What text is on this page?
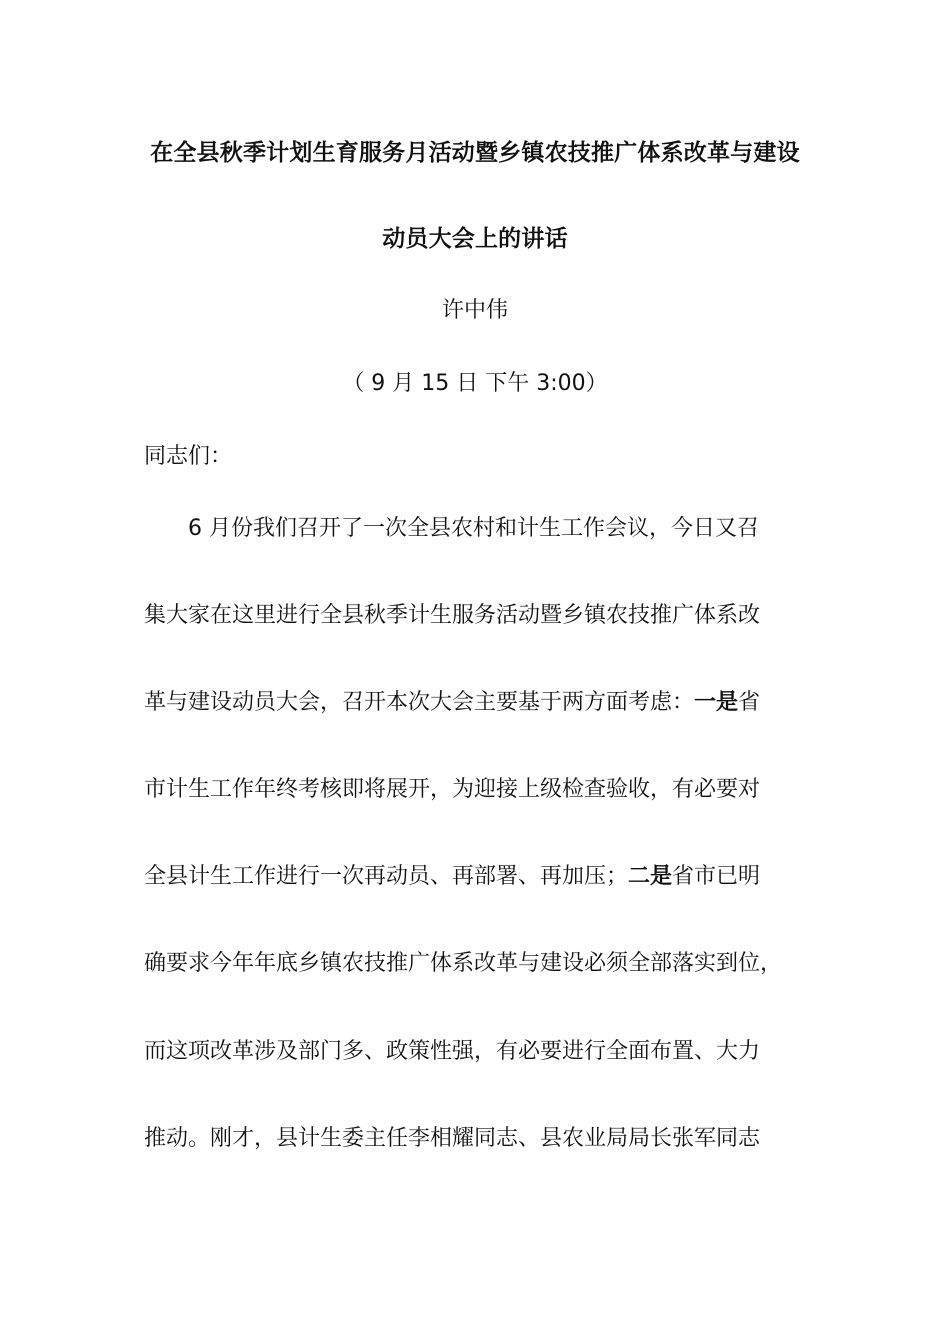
在全县秋季计划生育服务月活动暨乡镇农技推广体系改革与建设
动员大会上的讲话
许中伟
（ 9 月 15 日 下午 3:00）
同志们：
6 月份我们召开了一次全县农村和计生工作会议，今日又召
集大家在这里进行全县秋季计生服务活动暨乡镇农技推广体系改
革与建设动员大会，召开本次大会主要基于两方面考虑：一是省
市计生工作年终考核即将展开，为迎接上级检查验收，有必要对
全县计生工作进行一次再动员、再部署、再加压；二是省市已明
确要求今年年底乡镇农技推广体系改革与建设必须全部落实到位，
而这项改革涉及部门多、政策性强，有必要进行全面布置、大力
推动。刚才，县计生委主任李相耀同志、县农业局局长张军同志
